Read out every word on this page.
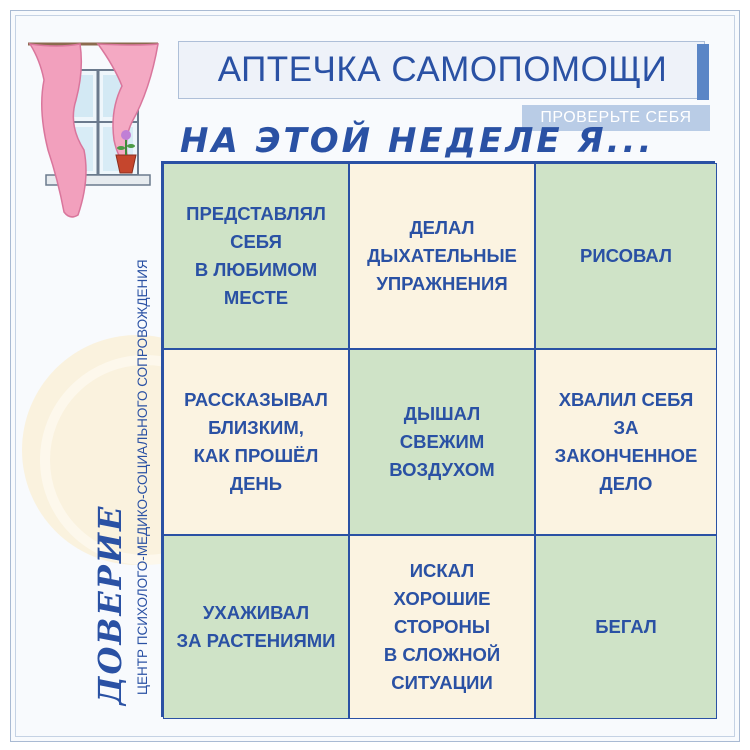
АПТЕЧКА САМОПОМОЩИ
ПРОВЕРЬТЕ СЕБЯ
НА ЭТОЙ НЕДЕЛЕ Я...
ПРЕДСТАВЛЯЛ
СЕБЯ
В ЛЮБИМОМ
МЕСТЕ
ДЕЛАЛ
ДЫХАТЕЛЬНЫЕ
УПРАЖНЕНИЯ
РИСОВАЛ
РАССКАЗЫВАЛ
БЛИЗКИМ,
КАК ПРОШЁЛ
ДЕНЬ
ДЫШАЛ
СВЕЖИМ
ВОЗДУХОМ
ХВАЛИЛ СЕБЯ
ЗА
ЗАКОНЧЕННОЕ
ДЕЛО
УХАЖИВАЛ
ЗА РАСТЕНИЯМИ
ИСКАЛ
ХОРОШИЕ
СТОРОНЫ
В СЛОЖНОЙ
СИТУАЦИИ
БЕГАЛ
ЦЕНТР ПСИХОЛОГО-МЕДИКО-СОЦИАЛЬНОГО СОПРОВОЖДЕНИЯ
ДОВЕРИЕ
